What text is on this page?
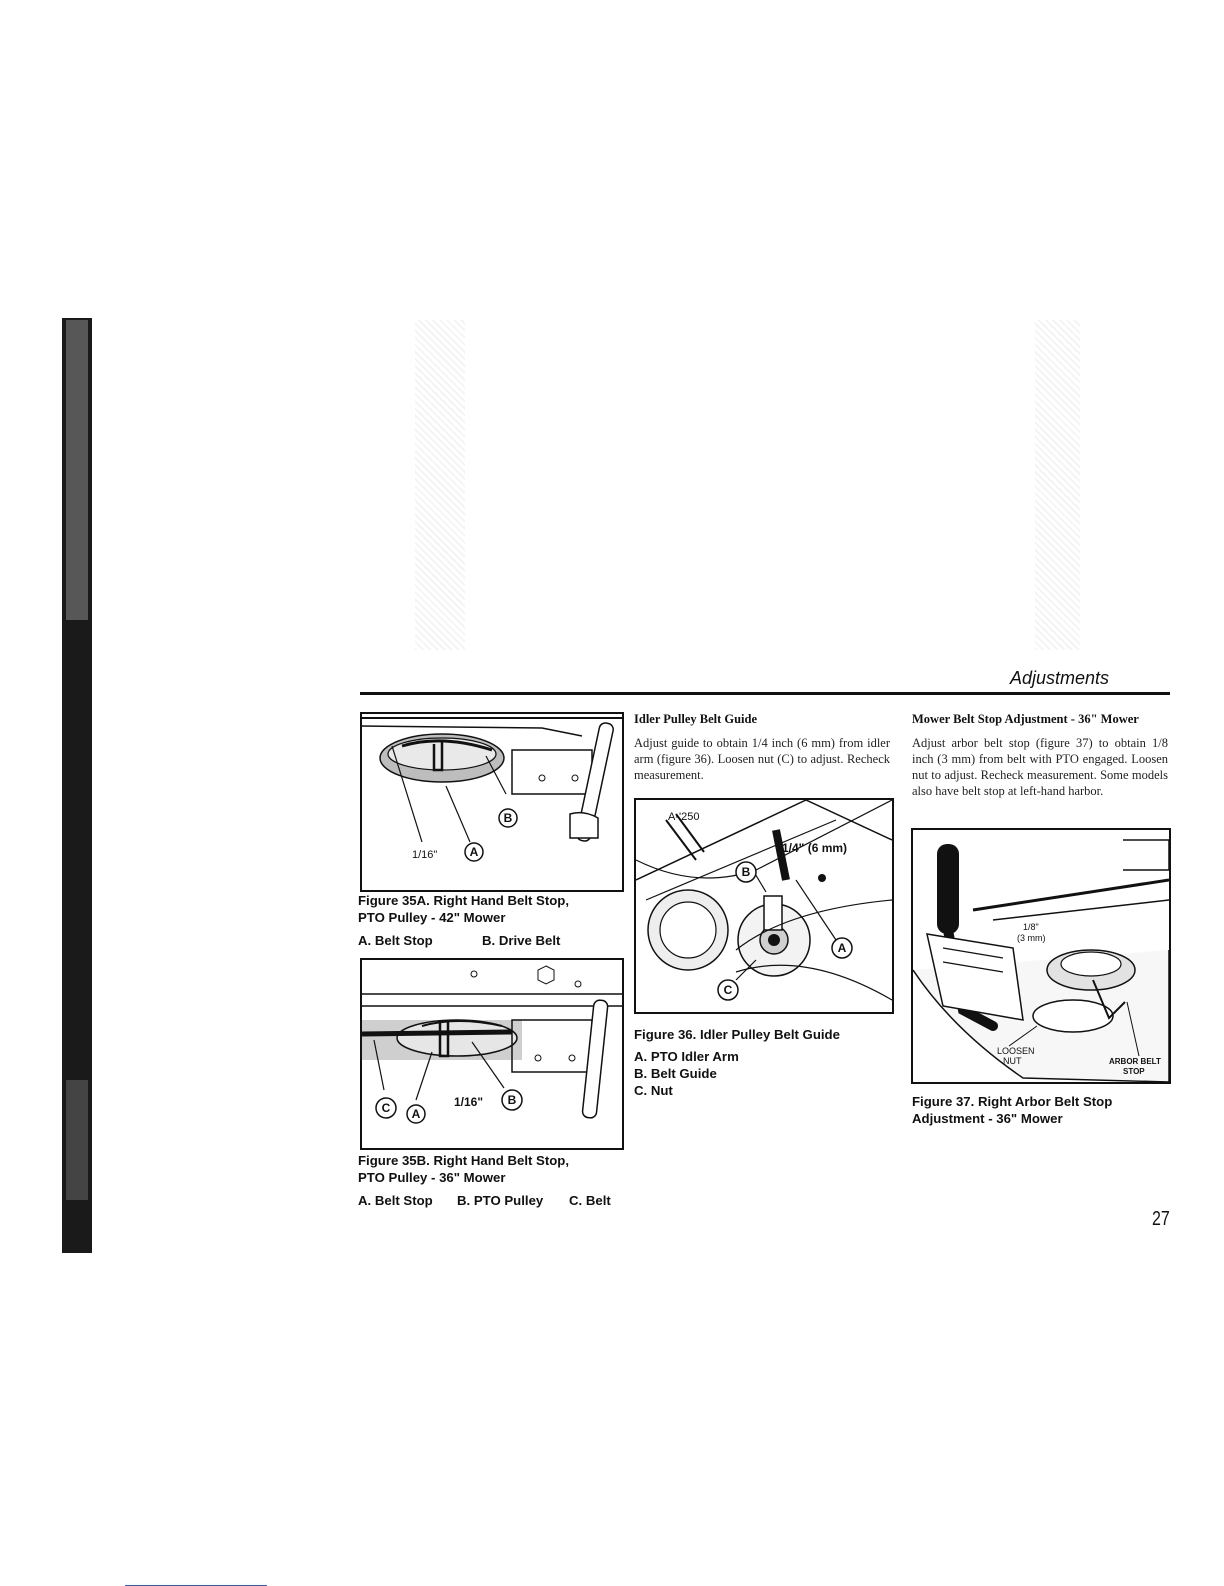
Adjustments
B
A
1/16"
Figure 35A. Right Hand Belt Stop,
PTO Pulley - 42" Mower
A. Belt Stop	B. Drive Belt
C A
B
1/16"
Figure 35B. Right Hand Belt Stop,
PTO Pulley - 36" Mower
A. Belt Stop B. PTO Pulley C. Belt
Idler Pulley Belt Guide
Adjust guide to obtain 1/4 inch (6 mm) from idler arm (figure 36). Loosen nut (C) to adjust. Recheck measurement.
A
B
C
1/4" (6 mm)
A-'250
Figure 36. Idler Pulley Belt Guide
A. PTO Idler Arm
B. Belt Guide
C. Nut
Mower Belt Stop Adjustment - 36" Mower
Adjust arbor belt stop (figure 37) to obtain 1/8 inch (3 mm) from belt with PTO engaged. Loosen nut to adjust. Recheck measurement. Some models also have belt stop at left-hand harbor.
1/8"
(3 mm)
LOOSEN
NUT	ARBOR BELT
STOP
Figure 37. Right Arbor Belt Stop
Adjustment - 36" Mower
27
